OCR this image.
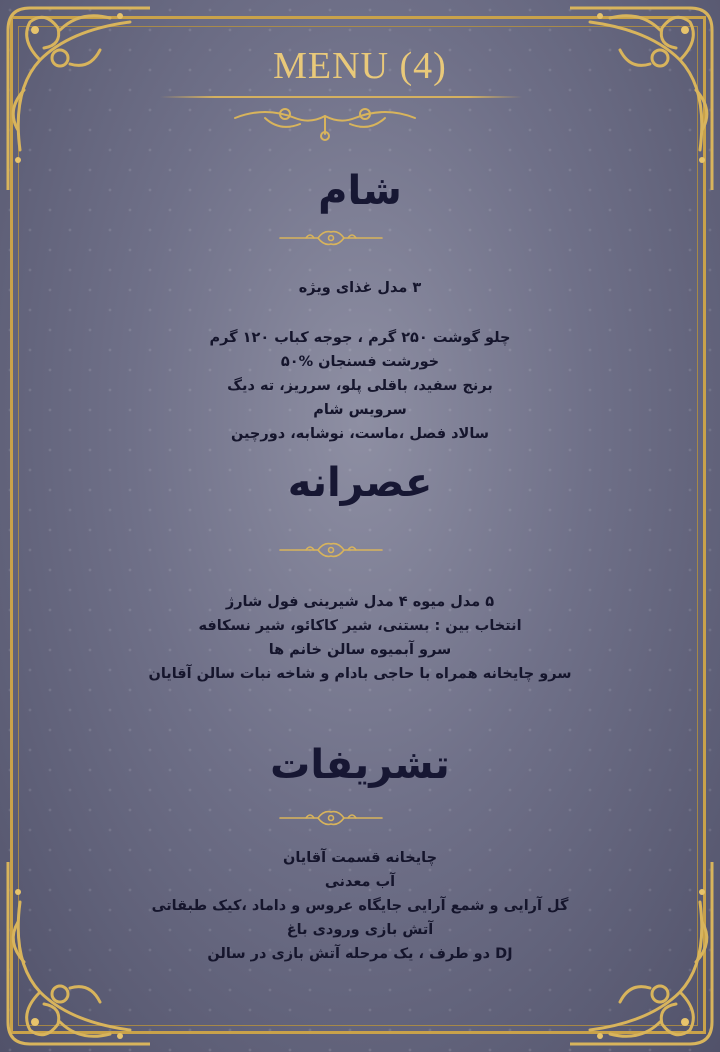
MENU (4)
شام
۳ مدل غذای ویژه
چلو گوشت ۲۵۰ گرم ، جوجه کباب ۱۲۰ گرم
خورشت فسنجان %۵۰
برنج سفید، باقلی پلو، سرریز، ته دیگ
سرویس شام
سالاد فصل ،ماست، نوشابه، دورچین
عصرانه
۵ مدل میوه ۴ مدل شیرینی فول شارژ
انتخاب بین : بستنی، شیر کاکائو، شیر نسکافه
سرو آبمیوه سالن خانم ها
سرو چایخانه همراه با حاجی بادام و شاخه نبات سالن آقایان
تشریفات
چایخانه قسمت آقایان
آب معدنی
گل آرایی و شمع آرایی جایگاه عروس و داماد ،کیک طبقاتی
آتش بازی ورودی باغ
DJ دو طرف ، یک مرحله آتش بازی در سالن
